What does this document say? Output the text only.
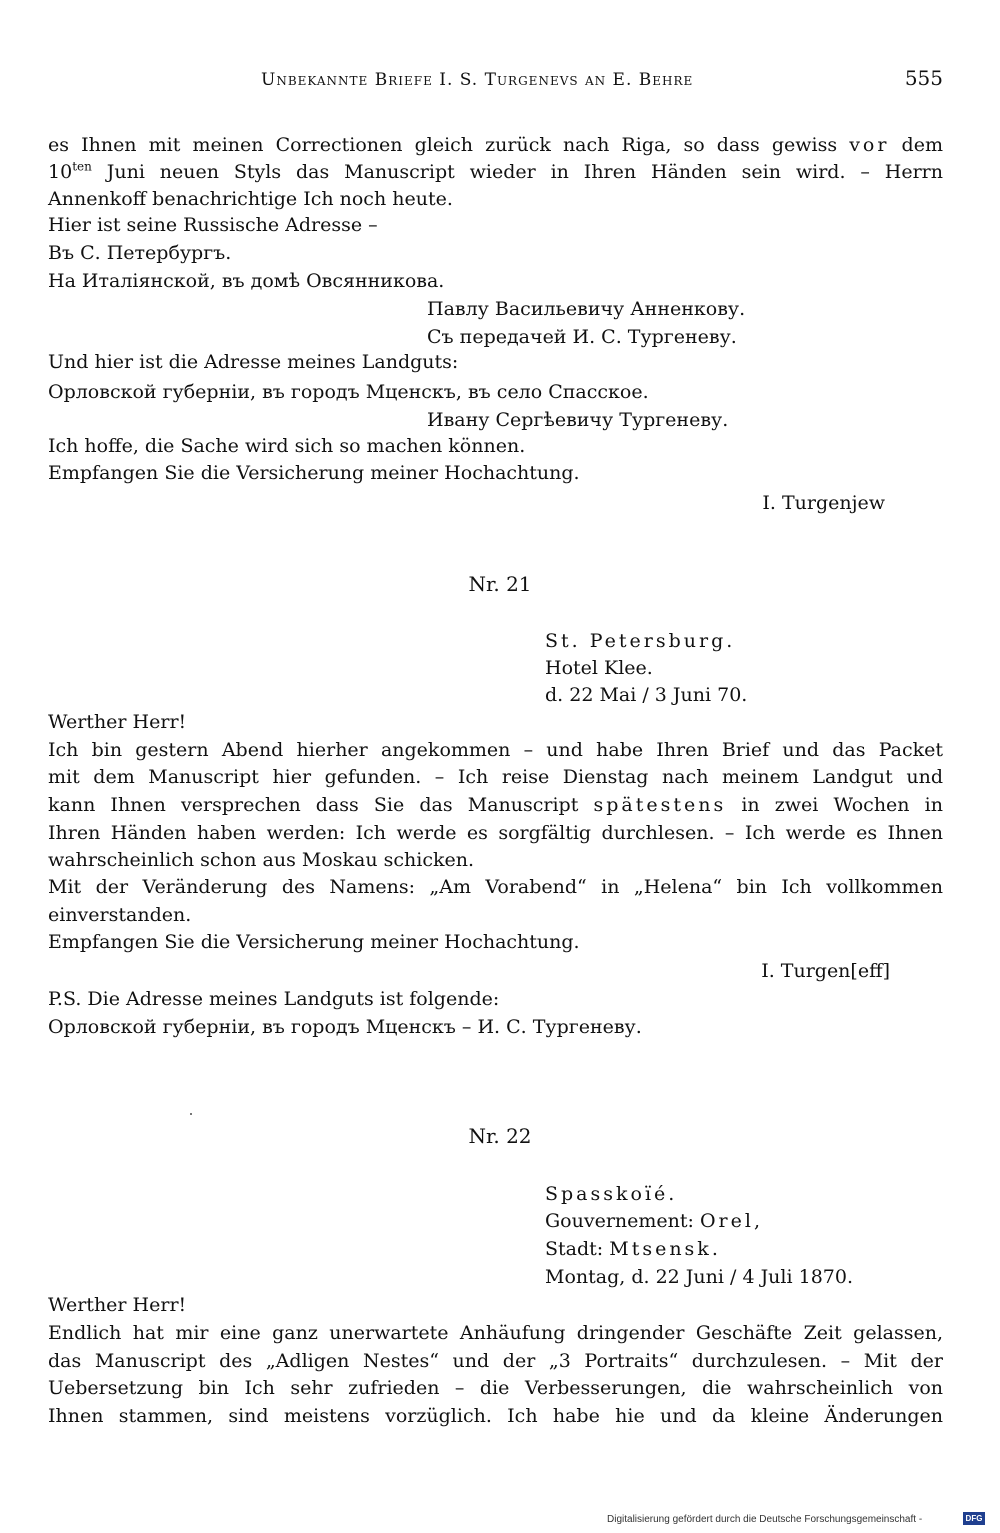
Unbekannte Briefe I. S. Turgenevs an E. Behre	555
es Ihnen mit meinen Correctionen gleich zurück nach Riga, so dass gewiss vor dem
$10^{ten}$ Juni neuen Styls das Manuscript wieder in Ihren Händen sein wird. – Herrn
Annenkoff benachrichtige Ich noch heute.
Hier ist seine Russische Adresse –
Въ С. Петербургъ.
На Италiянской, въ домѣ Овсянникова.
Павлу Васильевичу Анненкову.
Съ передачей И. С. Тургеневу.
Und hier ist die Adresse meines Landguts:
Орловской губернiи, въ городъ Мценскъ, въ село Спасское.
Ивану Сергѣевичу Тургеневу.
Ich hoffe, die Sache wird sich so machen können.
Empfangen Sie die Versicherung meiner Hochachtung.
I. Turgenjew
Nr. 21
St. Petersburg.
Hotel Klee.
d. 22 Mai / 3 Juni 70.
Werther Herr!
Ich bin gestern Abend hierher angekommen – und habe Ihren Brief und das Packet
mit dem Manuscript hier gefunden. – Ich reise Dienstag nach meinem Landgut und
kann Ihnen versprechen dass Sie das Manuscript spätestens in zwei Wochen in
Ihren Händen haben werden: Ich werde es sorgfältig durchlesen. – Ich werde es Ihnen
wahrscheinlich schon aus Moskau schicken.
Mit der Veränderung des Namens: „Am Vorabend“ in „Helena“ bin Ich vollkommen
einverstanden.
Empfangen Sie die Versicherung meiner Hochachtung.
I. Turgen[eff]
P.S. Die Adresse meines Landguts ist folgende:
Орловской губернiи, въ городъ Мценскъ – И. С. Тургеневу.
Nr. 22
Spasskoïé.
Gouvernement: Orel,
Stadt: Mtsensk.
Montag, d. 22 Juni / 4 Juli 1870.
Werther Herr!
Endlich hat mir eine ganz unerwartete Anhäufung dringender Geschäfte Zeit gelassen,
das Manuscript des „Adligen Nestes“ und der „3 Portraits“ durchzulesen. – Mit der
Uebersetzung bin Ich sehr zufrieden – die Verbesserungen, die wahrscheinlich von
Ihnen stammen, sind meistens vorzüglich. Ich habe hie und da kleine Änderungen
Digitalisierung gefördert durch die Deutsche Forschungsgemeinschaft -	DFG
